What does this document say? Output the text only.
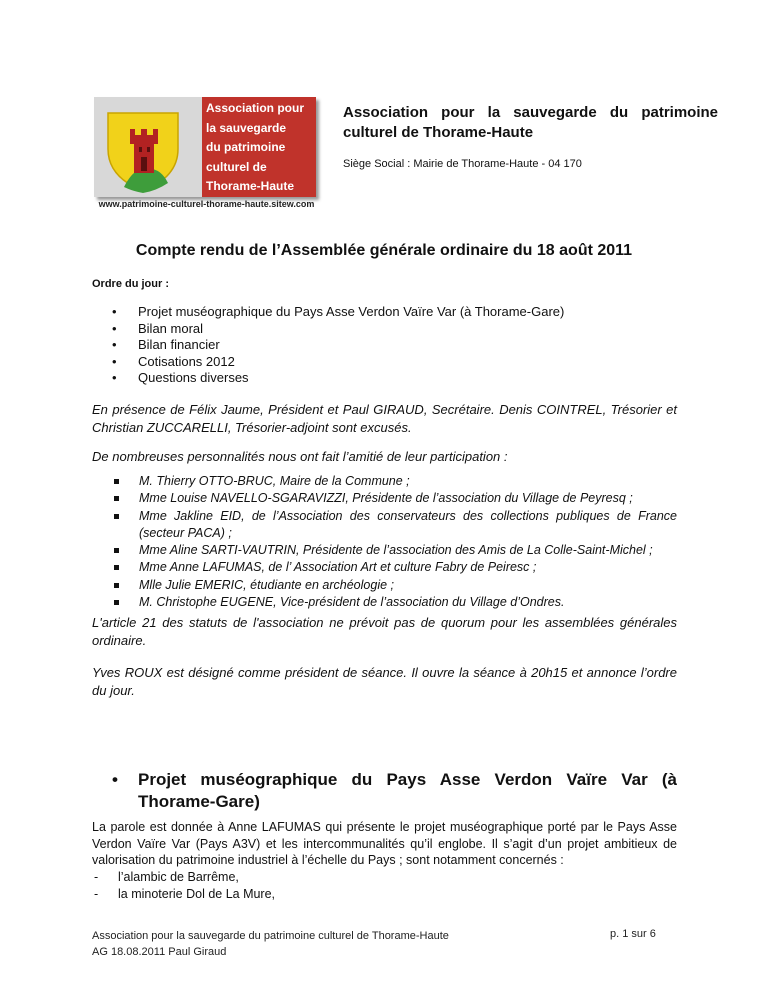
Association pour
la sauvegarde
du patrimoine
culturel de
Thorame-Haute
www.patrimoine-culturel-thorame-haute.sitew.com
Association pour la sauvegarde du patrimoine culturel de Thorame-Haute
Siège Social : Mairie de Thorame-Haute - 04 170
Compte rendu de l’Assemblée générale ordinaire du 18 août 2011
Ordre du jour :
• Projet muséographique du Pays Asse Verdon Vaïre Var (à Thorame-Gare)
• Bilan moral
• Bilan financier
• Cotisations 2012
• Questions diverses
En présence de Félix Jaume, Président et Paul GIRAUD, Secrétaire. Denis COINTREL, Trésorier et Christian ZUCCARELLI, Trésorier-adjoint sont excusés.
De nombreuses personnalités nous ont fait l’amitié de leur participation :
M. Thierry OTTO-BRUC, Maire de la Commune ;
Mme Louise NAVELLO-SGARAVIZZI, Présidente de l’association du Village de Peyresq ;
Mme Jakline EID, de l’Association des conservateurs des collections publiques de France (secteur PACA) ;
Mme Aline SARTI-VAUTRIN, Présidente de l’association des Amis de La Colle-Saint-Michel ;
Mme Anne LAFUMAS, de l’ Association Art et culture Fabry de Peiresc ;
Mlle Julie EMERIC, étudiante en archéologie ;
M. Christophe EUGENE, Vice-président de l’association du Village d’Ondres.
L'article 21 des statuts de l'association ne prévoit pas de quorum pour les assemblées générales ordinaire.
Yves ROUX est désigné comme président de séance. Il ouvre la séance à 20h15 et annonce l’ordre du jour.
• Projet muséographique du Pays Asse Verdon Vaïre Var (à Thorame-Gare)
La parole est donnée à Anne LAFUMAS qui présente le projet muséographique porté par le Pays Asse Verdon Vaïre Var (Pays A3V) et les intercommunalités qu’il englobe. Il s’agit d’un projet ambitieux de valorisation du patrimoine industriel à l’échelle du Pays ; sont notamment concernés :
- l’alambic de Barrême,
- la minoterie Dol de La Mure,
Association pour la sauvegarde du patrimoine culturel de Thorame-Haute
AG 18.08.2011 Paul Giraud
p. 1 sur 6
